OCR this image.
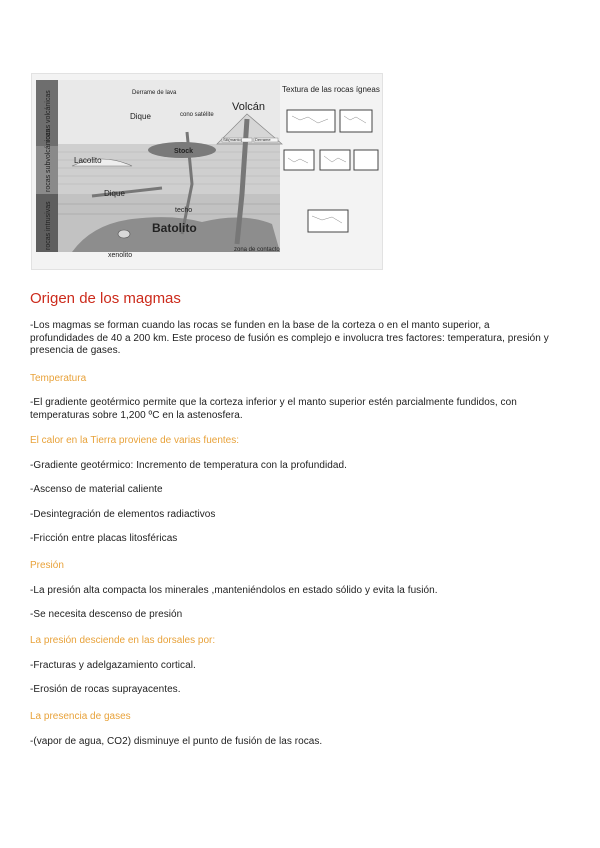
rocas volcánicas
rocas subvolcánicas
rocas intrusivas
Derrame de lava
Dique	cono satélite
Volcán
Stock
Sill(manto)	Derrame
Lacolito
Dique
techo
Batolito
xenolito
zona de contacto
Textura de las rocas ígneas
Origen de los magmas
-Los magmas se forman cuando las rocas se funden en la base de la corteza o en el manto superior, a profundidades de 40 a 200 km. Este proceso de fusión es complejo e involucra tres factores: temperatura, presión y presencia de gases.
Temperatura
-El gradiente geotérmico permite que la corteza inferior y el manto superior estén parcialmente fundidos, con temperaturas sobre 1,200 ºC en la astenosfera.
El calor en la Tierra proviene de varias fuentes:
-Gradiente geotérmico: Incremento de temperatura con la profundidad.
-Ascenso de material caliente
-Desintegración de elementos radiactivos
-Fricción entre placas litosféricas
Presión
-La presión alta compacta los minerales ,manteniéndolos en estado sólido y evita la fusión.
-Se necesita descenso de presión
La presión desciende en las dorsales por:
-Fracturas y adelgazamiento cortical.
-Erosión de rocas suprayacentes.
La presencia de gases
-(vapor de agua, CO2) disminuye el punto de fusión de las rocas.
